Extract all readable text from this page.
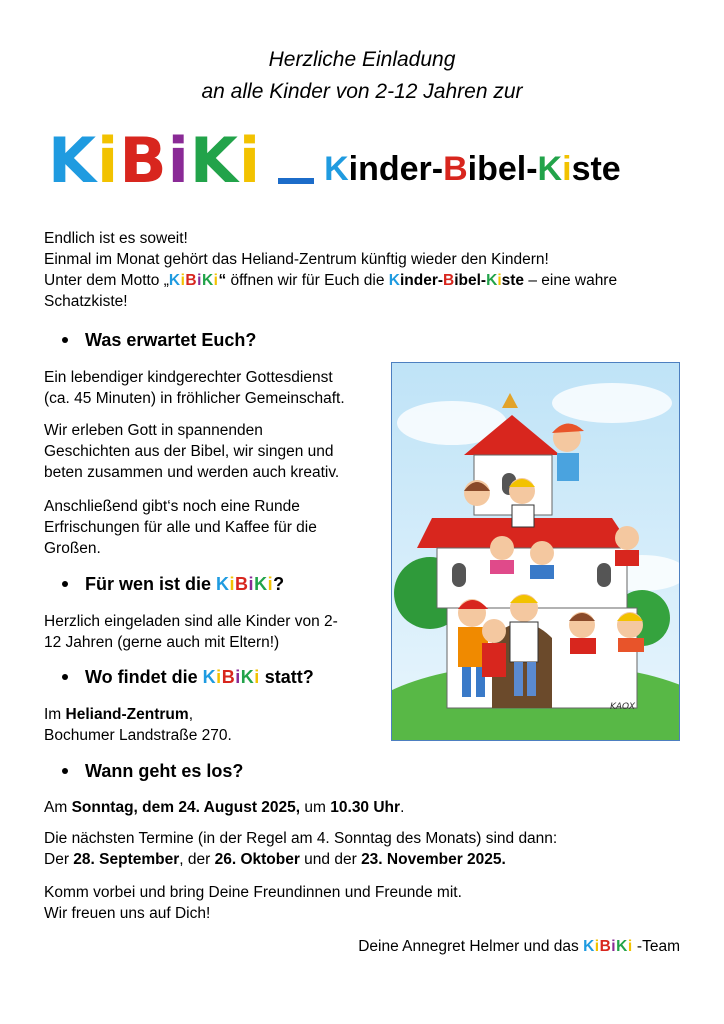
Herzliche Einladung
an alle Kinder von 2-12 Jahren zur
KiBiKi Kinder-Bibel-Kiste
Endlich ist es soweit!
Einmal im Monat gehört das Heliand-Zentrum künftig wieder den Kindern!
Unter dem Motto „KiBiKi“ öffnen wir für Euch die Kinder-Bibel-Kiste – eine wahre
Schatzkiste!
Was erwartet Euch?
Ein lebendiger kindgerechter Gottesdienst
(ca. 45 Minuten) in fröhlicher Gemeinschaft.
Wir erleben Gott in spannenden
Geschichten aus der Bibel, wir singen und
beten zusammen und werden auch kreativ.
Anschließend gibt‘s noch eine Runde
Erfrischungen für alle und Kaffee für die
Großen.
Für wen ist die KiBiKi?
Herzlich eingeladen sind alle Kinder von 2-
12 Jahren (gerne auch mit Eltern!)
Wo findet die KiBiKi statt?
Im Heliand-Zentrum,
Bochumer Landstraße 270.
Wann geht es los?
Am Sonntag, dem 24. August 2025, um 10.30 Uhr.
Die nächsten Termine (in der Regel am 4. Sonntag des Monats) sind dann:
Der 28. September, der 26. Oktober und der 23. November 2025.
Komm vorbei und bring Deine Freundinnen und Freunde mit.
Wir freuen uns auf Dich!
Deine Annegret Helmer und das KiBiKi -Team
KAOX
